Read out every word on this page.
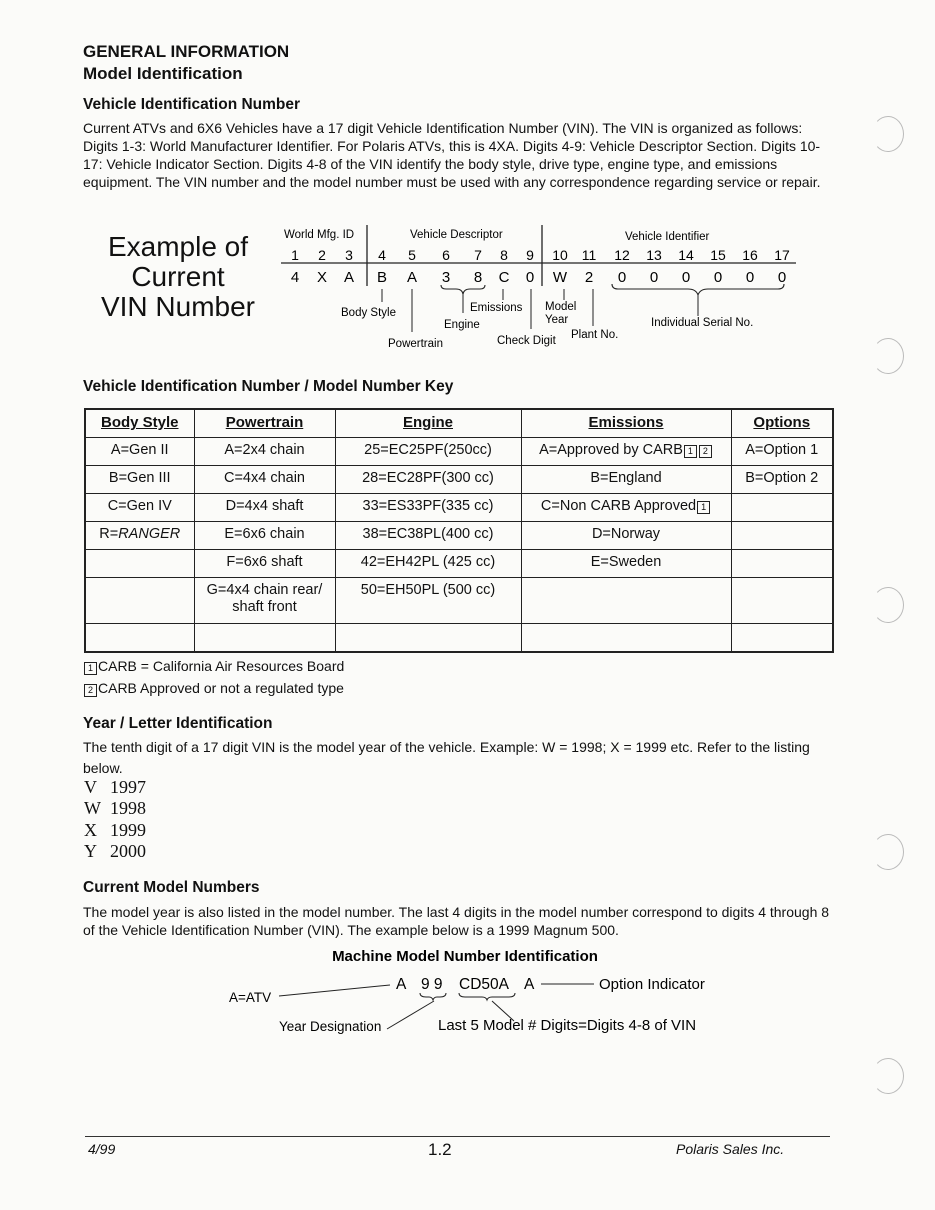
GENERAL INFORMATION
Model Identification
Vehicle Identification Number
Current ATVs and 6X6 Vehicles have a 17 digit Vehicle Identification Number (VIN). The VIN is organized as follows: Digits 1-3: World Manufacturer Identifier. For Polaris ATVs, this is 4XA. Digits 4-9: Vehicle Descriptor Section. Digits 10-17: Vehicle Indicator Section. Digits 4-8 of the VIN identify the body style, drive type, engine type, and emissions equipment. The VIN number and the model number must be used with any correspondence regarding service or repair.
Example of
Current
VIN Number
World Mfg. ID	Vehicle Descriptor	Vehicle Identifier
1 2 3 4 5 6 7 8 9 10 11 12 13 14 15 16 17
4 X A B A 3 8 C 0 W 2 0 0 0 0 0 0
Body Style
Powertrain
Engine
Emissions
Check Digit
Model
Year
Plant No.
Individual Serial No.
Vehicle Identification Number / Model Number Key
Body Style	Powertrain	Engine	Emissions	Options
A=Gen II	A=2x4 chain	25=EC25PF(250cc)	A=Approved by CARB 1 2	A=Option 1
B=Gen III	C=4x4 chain	28=EC28PF(300 cc)	B=England	B=Option 2
C=Gen IV	D=4x4 shaft	33=ES33PF(335 cc)	C=Non CARB Approved 1	
R=RANGER	E=6x6 chain	38=EC38PL(400 cc)	D=Norway	
	F=6x6 shaft	42=EH42PL (425 cc)	E=Sweden	
	G=4x4 chain rear/ shaft front	50=EH50PL (500 cc)		

1 CARB = California Air Resources Board
2 CARB Approved or not a regulated type
Year / Letter Identification
The tenth digit of a 17 digit VIN is the model year of the vehicle. Example: W = 1998; X = 1999 etc. Refer to the listing below.
V 1997
W 1998
X 1999
Y 2000
Current Model Numbers
The model year is also listed in the model number. The last 4 digits in the model number correspond to digits 4 through 8 of the Vehicle Identification Number (VIN). The example below is a 1999 Magnum 500.
Machine Model Number Identification
A=ATV
A 9 9 CD50A A	Option Indicator
Year Designation	Last 5 Model # Digits=Digits 4-8 of VIN
4/99	1.2	Polaris Sales Inc.
